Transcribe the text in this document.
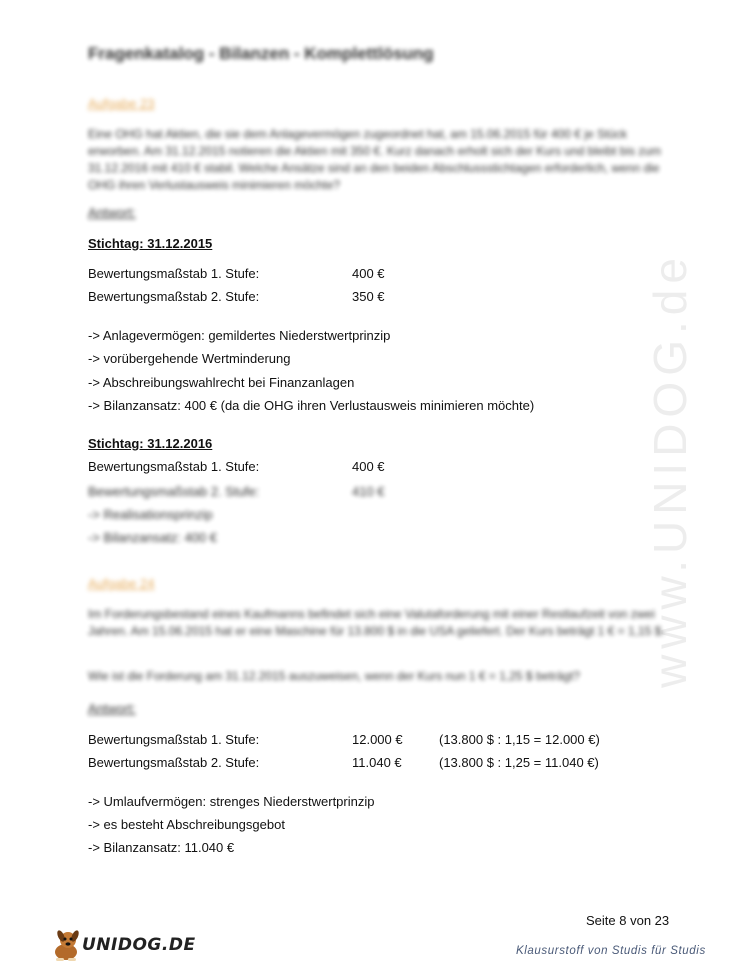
www.UNIDOG.de
Fragenkatalog - Bilanzen - Komplettlösung
Aufgabe 23
Eine OHG hat Aktien, die sie dem Anlagevermögen zugeordnet hat, am 15.06.2015 für 400 € je Stück erworben. Am 31.12.2015 notieren die Aktien mit 350 €. Kurz danach erholt sich der Kurs und bleibt bis zum 31.12.2016 mit 410 € stabil. Welche Ansätze sind an den beiden Abschlussstichtagen erforderlich, wenn die OHG ihren Verlustausweis minimieren möchte?
Antwort:
Stichtag: 31.12.2015
Bewertungsmaßstab 1. Stufe:	400 €
Bewertungsmaßstab 2. Stufe:	350 €
-> Anlagevermögen: gemildertes Niederstwertprinzip
-> vorübergehende Wertminderung
-> Abschreibungswahlrecht bei Finanzanlagen
-> Bilanzansatz: 400 € (da die OHG ihren Verlustausweis minimieren möchte)
Stichtag: 31.12.2016
Bewertungsmaßstab 1. Stufe:	400 €
Bewertungsmaßstab 2. Stufe:	410 €
-> Realisationsprinzip
-> Bilanzansatz: 400 €
Aufgabe 24
Im Forderungsbestand eines Kaufmanns befindet sich eine Valutaforderung mit einer Restlaufzeit von zwei Jahren. Am 15.06.2015 hat er eine Maschine für 13.800 $ in die USA geliefert. Der Kurs beträgt 1 € = 1,15 $.
Wie ist die Forderung am 31.12.2015 auszuweisen, wenn der Kurs nun 1 € = 1,25 $ beträgt?
Antwort:
Bewertungsmaßstab 1. Stufe:	12.000 €	(13.800 $ : 1,15 = 12.000 €)
Bewertungsmaßstab 2. Stufe:	11.040 €	(13.800 $ : 1,25 = 11.040 €)
-> Umlaufvermögen: strenges Niederstwertprinzip
-> es besteht Abschreibungsgebot
-> Bilanzansatz: 11.040 €
Seite 8 von 23
UNIDOG.DE	Klausurstoff von Studis für Studis
